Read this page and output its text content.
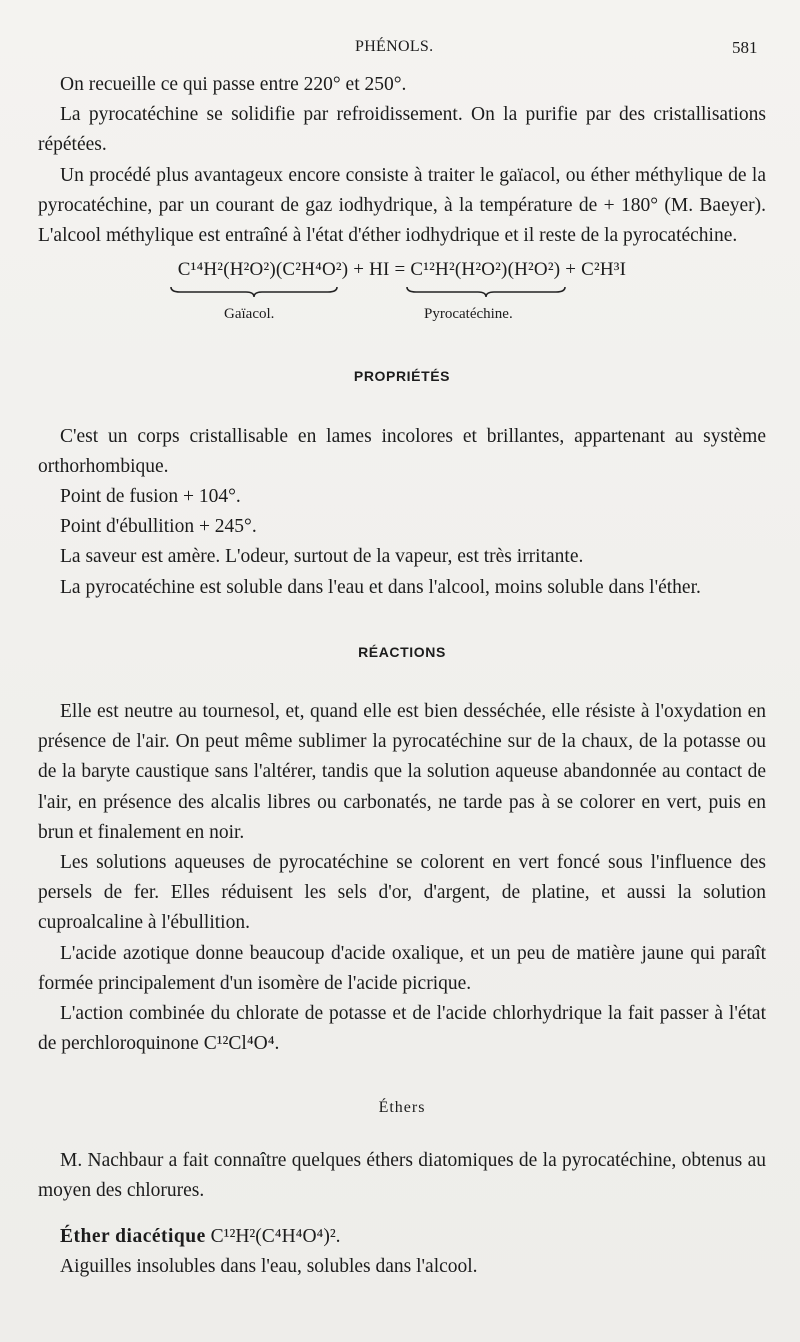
PHÉNOLS.	581

On recueille ce qui passe entre 220° et 250°.

La pyrocatéchine se solidifie par refroidissement. On la purifie par des cristallisations répétées.

Un procédé plus avantageux encore consiste à traiter le gaïacol, ou éther méthylique de la pyrocatéchine, par un courant de gaz iodhydrique, à la température de + 180° (M. Baeyer). L'alcool méthylique est entraîné à l'état d'éther iodhydrique et il reste de la pyrocatéchine.

C¹⁴H²(H²O²)(C²H⁴O²) + HI = C¹²H²(H²O²)(H²O²) + C²H³I
Gaïacol.	Pyrocatéchine.
PROPRIÉTÉS

C'est un corps cristallisable en lames incolores et brillantes, appartenant au système orthorhombique.

Point de fusion + 104°.

Point d'ébullition + 245°.

La saveur est amère. L'odeur, surtout de la vapeur, est très irritante.

La pyrocatéchine est soluble dans l'eau et dans l'alcool, moins soluble dans l'éther.

RÉACTIONS

Elle est neutre au tournesol, et, quand elle est bien desséchée, elle résiste à l'oxydation en présence de l'air. On peut même sublimer la pyrocatéchine sur de la chaux, de la potasse ou de la baryte caustique sans l'altérer, tandis que la solution aqueuse abandonnée au contact de l'air, en présence des alcalis libres ou carbonatés, ne tarde pas à se colorer en vert, puis en brun et finalement en noir.

Les solutions aqueuses de pyrocatéchine se colorent en vert foncé sous l'influence des persels de fer. Elles réduisent les sels d'or, d'argent, de platine, et aussi la solution cuproalcaline à l'ébullition.

L'acide azotique donne beaucoup d'acide oxalique, et un peu de matière jaune qui paraît formée principalement d'un isomère de l'acide picrique.

L'action combinée du chlorate de potasse et de l'acide chlorhydrique la fait passer à l'état de perchloroquinone C¹²Cl⁴O⁴.

Éthers

M. Nachbaur a fait connaître quelques éthers diatomiques de la pyrocatéchine, obtenus au moyen des chlorures.

Éther diacétique C¹²H²(C⁴H⁴O⁴)².

Aiguilles insolubles dans l'eau, solubles dans l'alcool.
